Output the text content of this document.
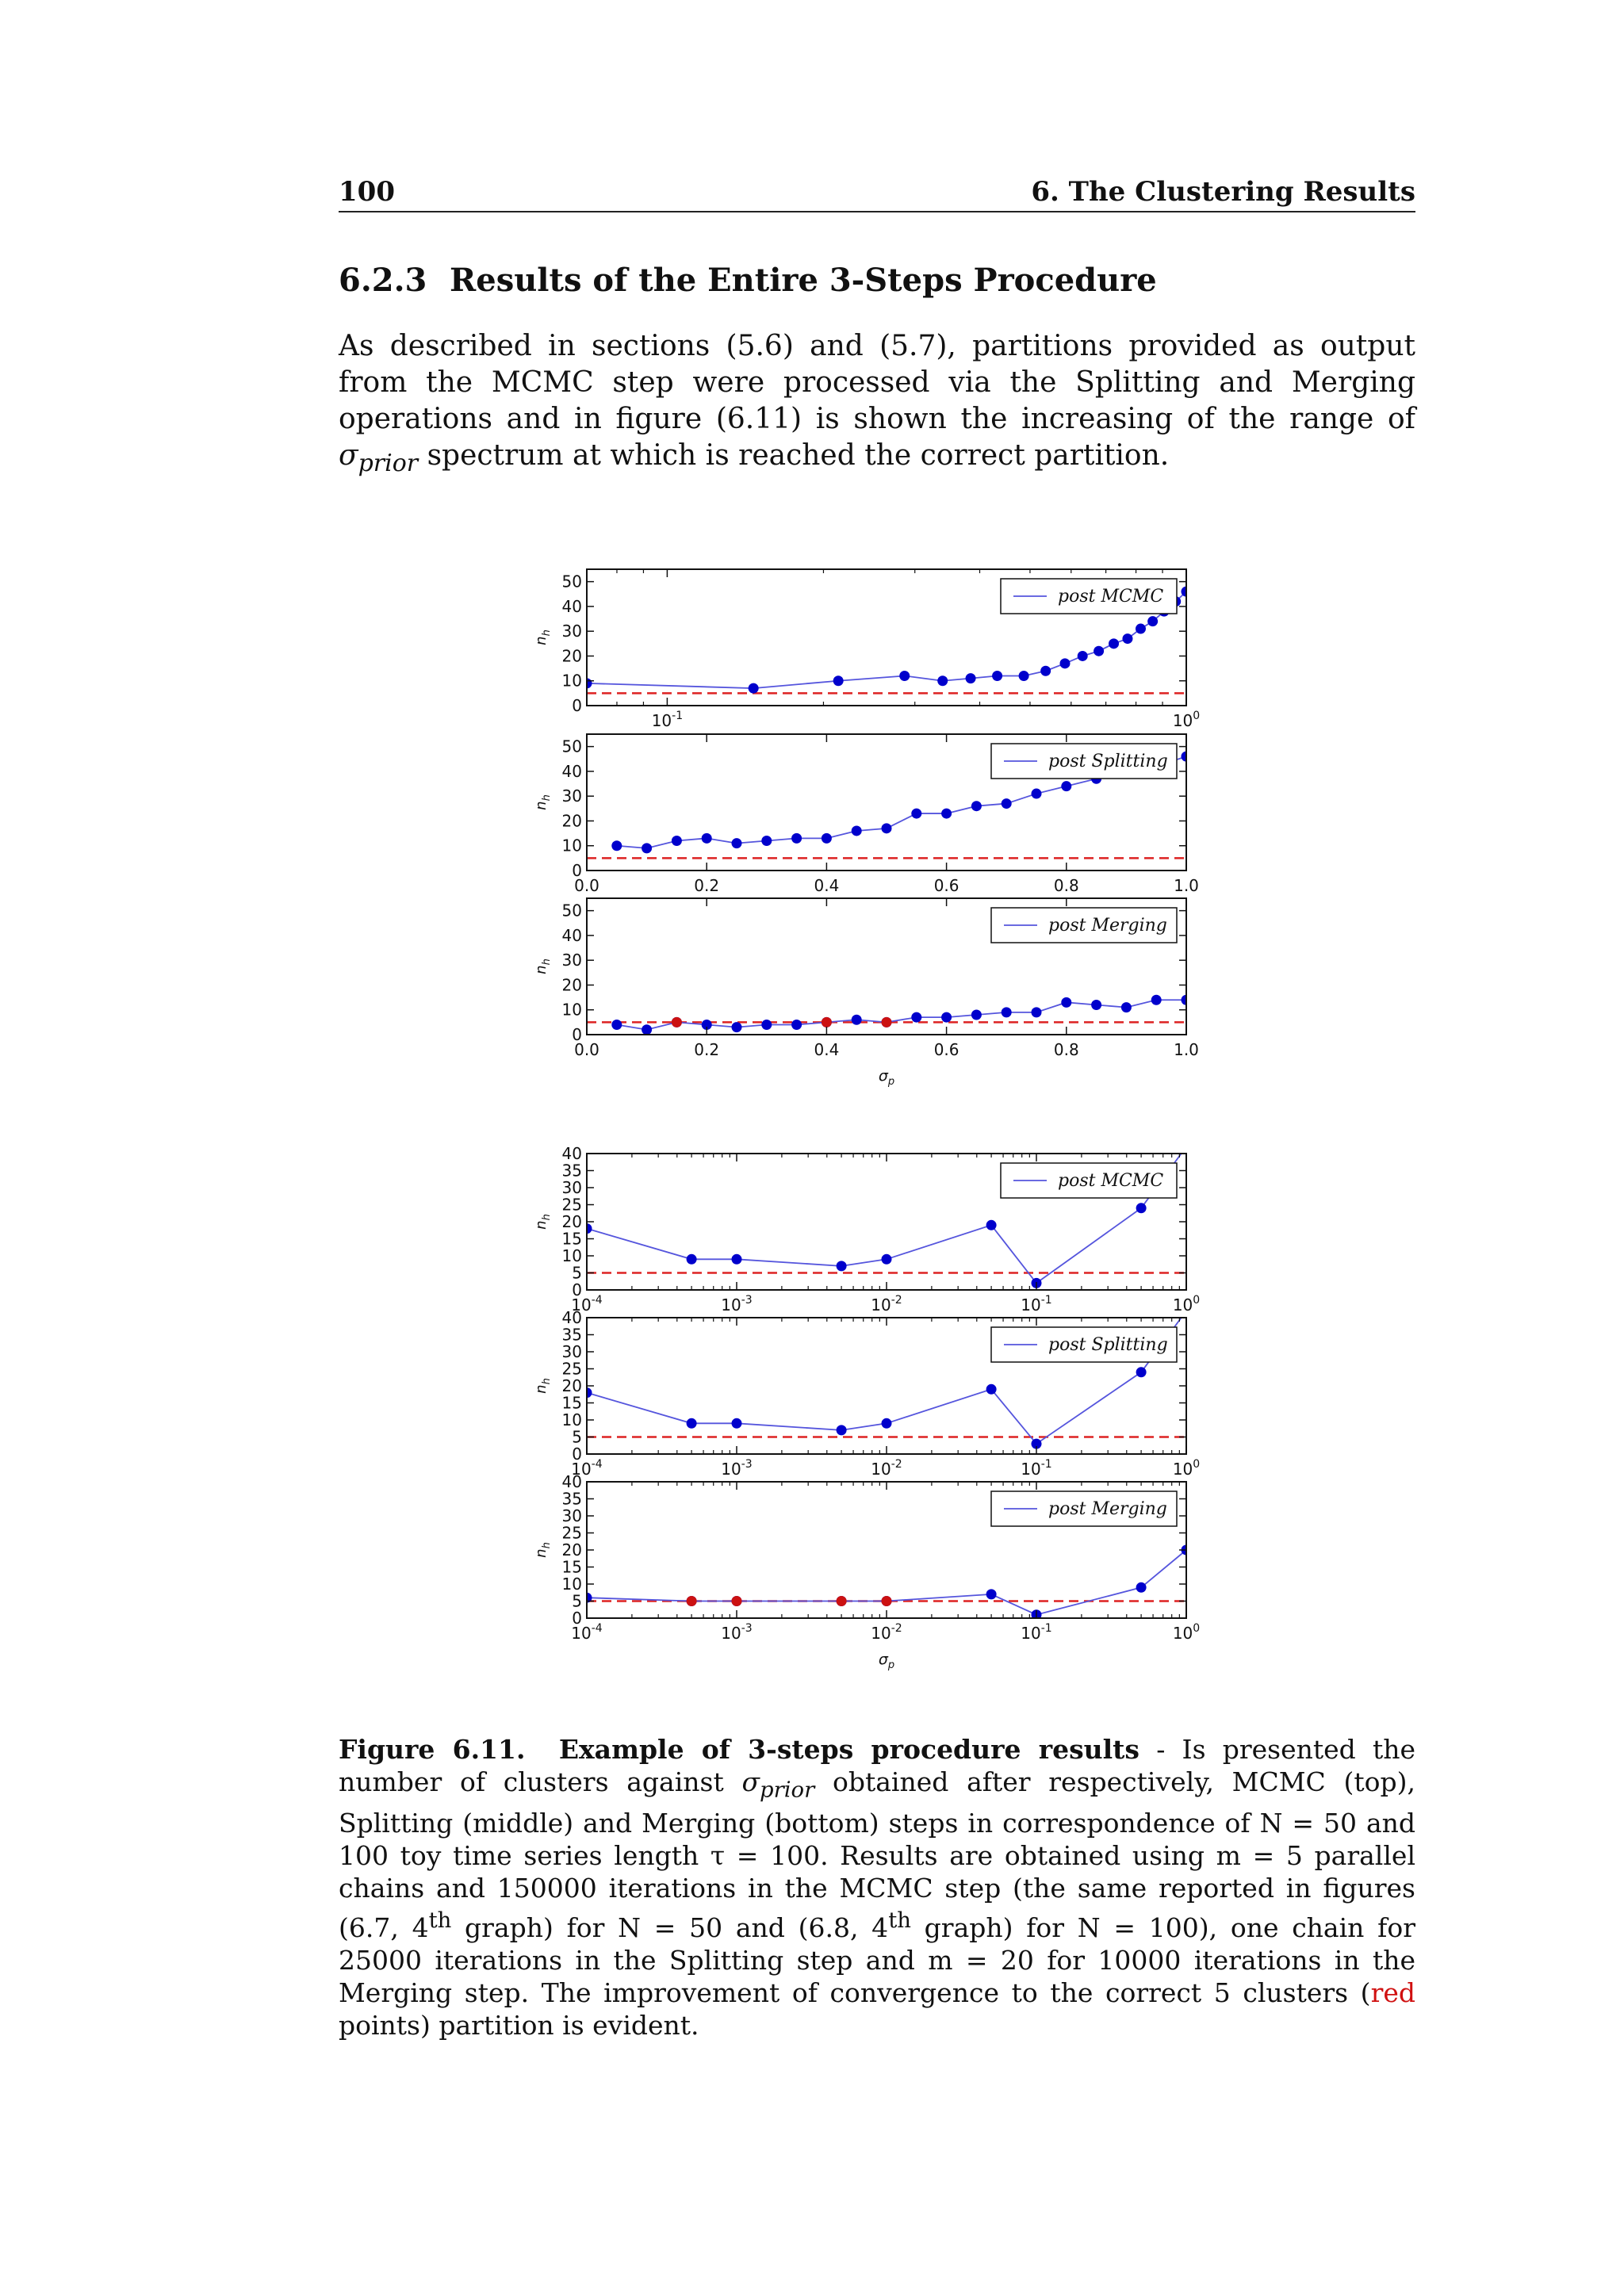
100	6. The Clustering Results
6.2.3 Results of the Entire 3-Steps Procedure
As described in sections (5.6) and (5.7), partitions provided as output from the MCMC step were processed via the Splitting and Merging operations and in figure (6.11) is shown the increasing of the range of $\sigma_{prior}$ spectrum at which is reached the correct partition.
0
10
20
30
40
50
$10^{-1}$	$10^0$
$n_h$
post MCMC
0
10
20
30
40
50
0.0	0.2	0.4	0.6	0.8	1.0
$n_h$
post Splitting
0
10
20
30
40
50
0.0	0.2	0.4	0.6	0.8	1.0
$n_h$
$\sigma_p$
post Merging
0
5
10
15
20
25
30
35
40
$10^{-4}$	$10^{-3}$	$10^{-2}$	$10^{-1}$	$10^0$
$n_h$
post MCMC
0
5
10
15
20
25
30
35
40
$10^{-4}$	$10^{-3}$	$10^{-2}$	$10^{-1}$	$10^0$
$n_h$
post Splitting
0
5
10
15
20
25
30
35
40
$10^{-4}$	$10^{-3}$	$10^{-2}$	$10^{-1}$	$10^0$
$n_h$
$\sigma_p$
post Merging
Figure 6.11. Example of 3-steps procedure results - Is presented the number of clusters against $\sigma_{prior}$ obtained after respectively, MCMC (top), Splitting (middle) and Merging (bottom) steps in correspondence of N = 50 and 100 toy time series length τ = 100. Results are obtained using m = 5 parallel chains and 150000 iterations in the MCMC step (the same reported in figures (6.7, 4th graph) for N = 50 and (6.8, 4th graph) for N = 100), one chain for 25000 iterations in the Splitting step and m = 20 for 10000 iterations in the Merging step. The improvement of convergence to the correct 5 clusters (red points) partition is evident.
